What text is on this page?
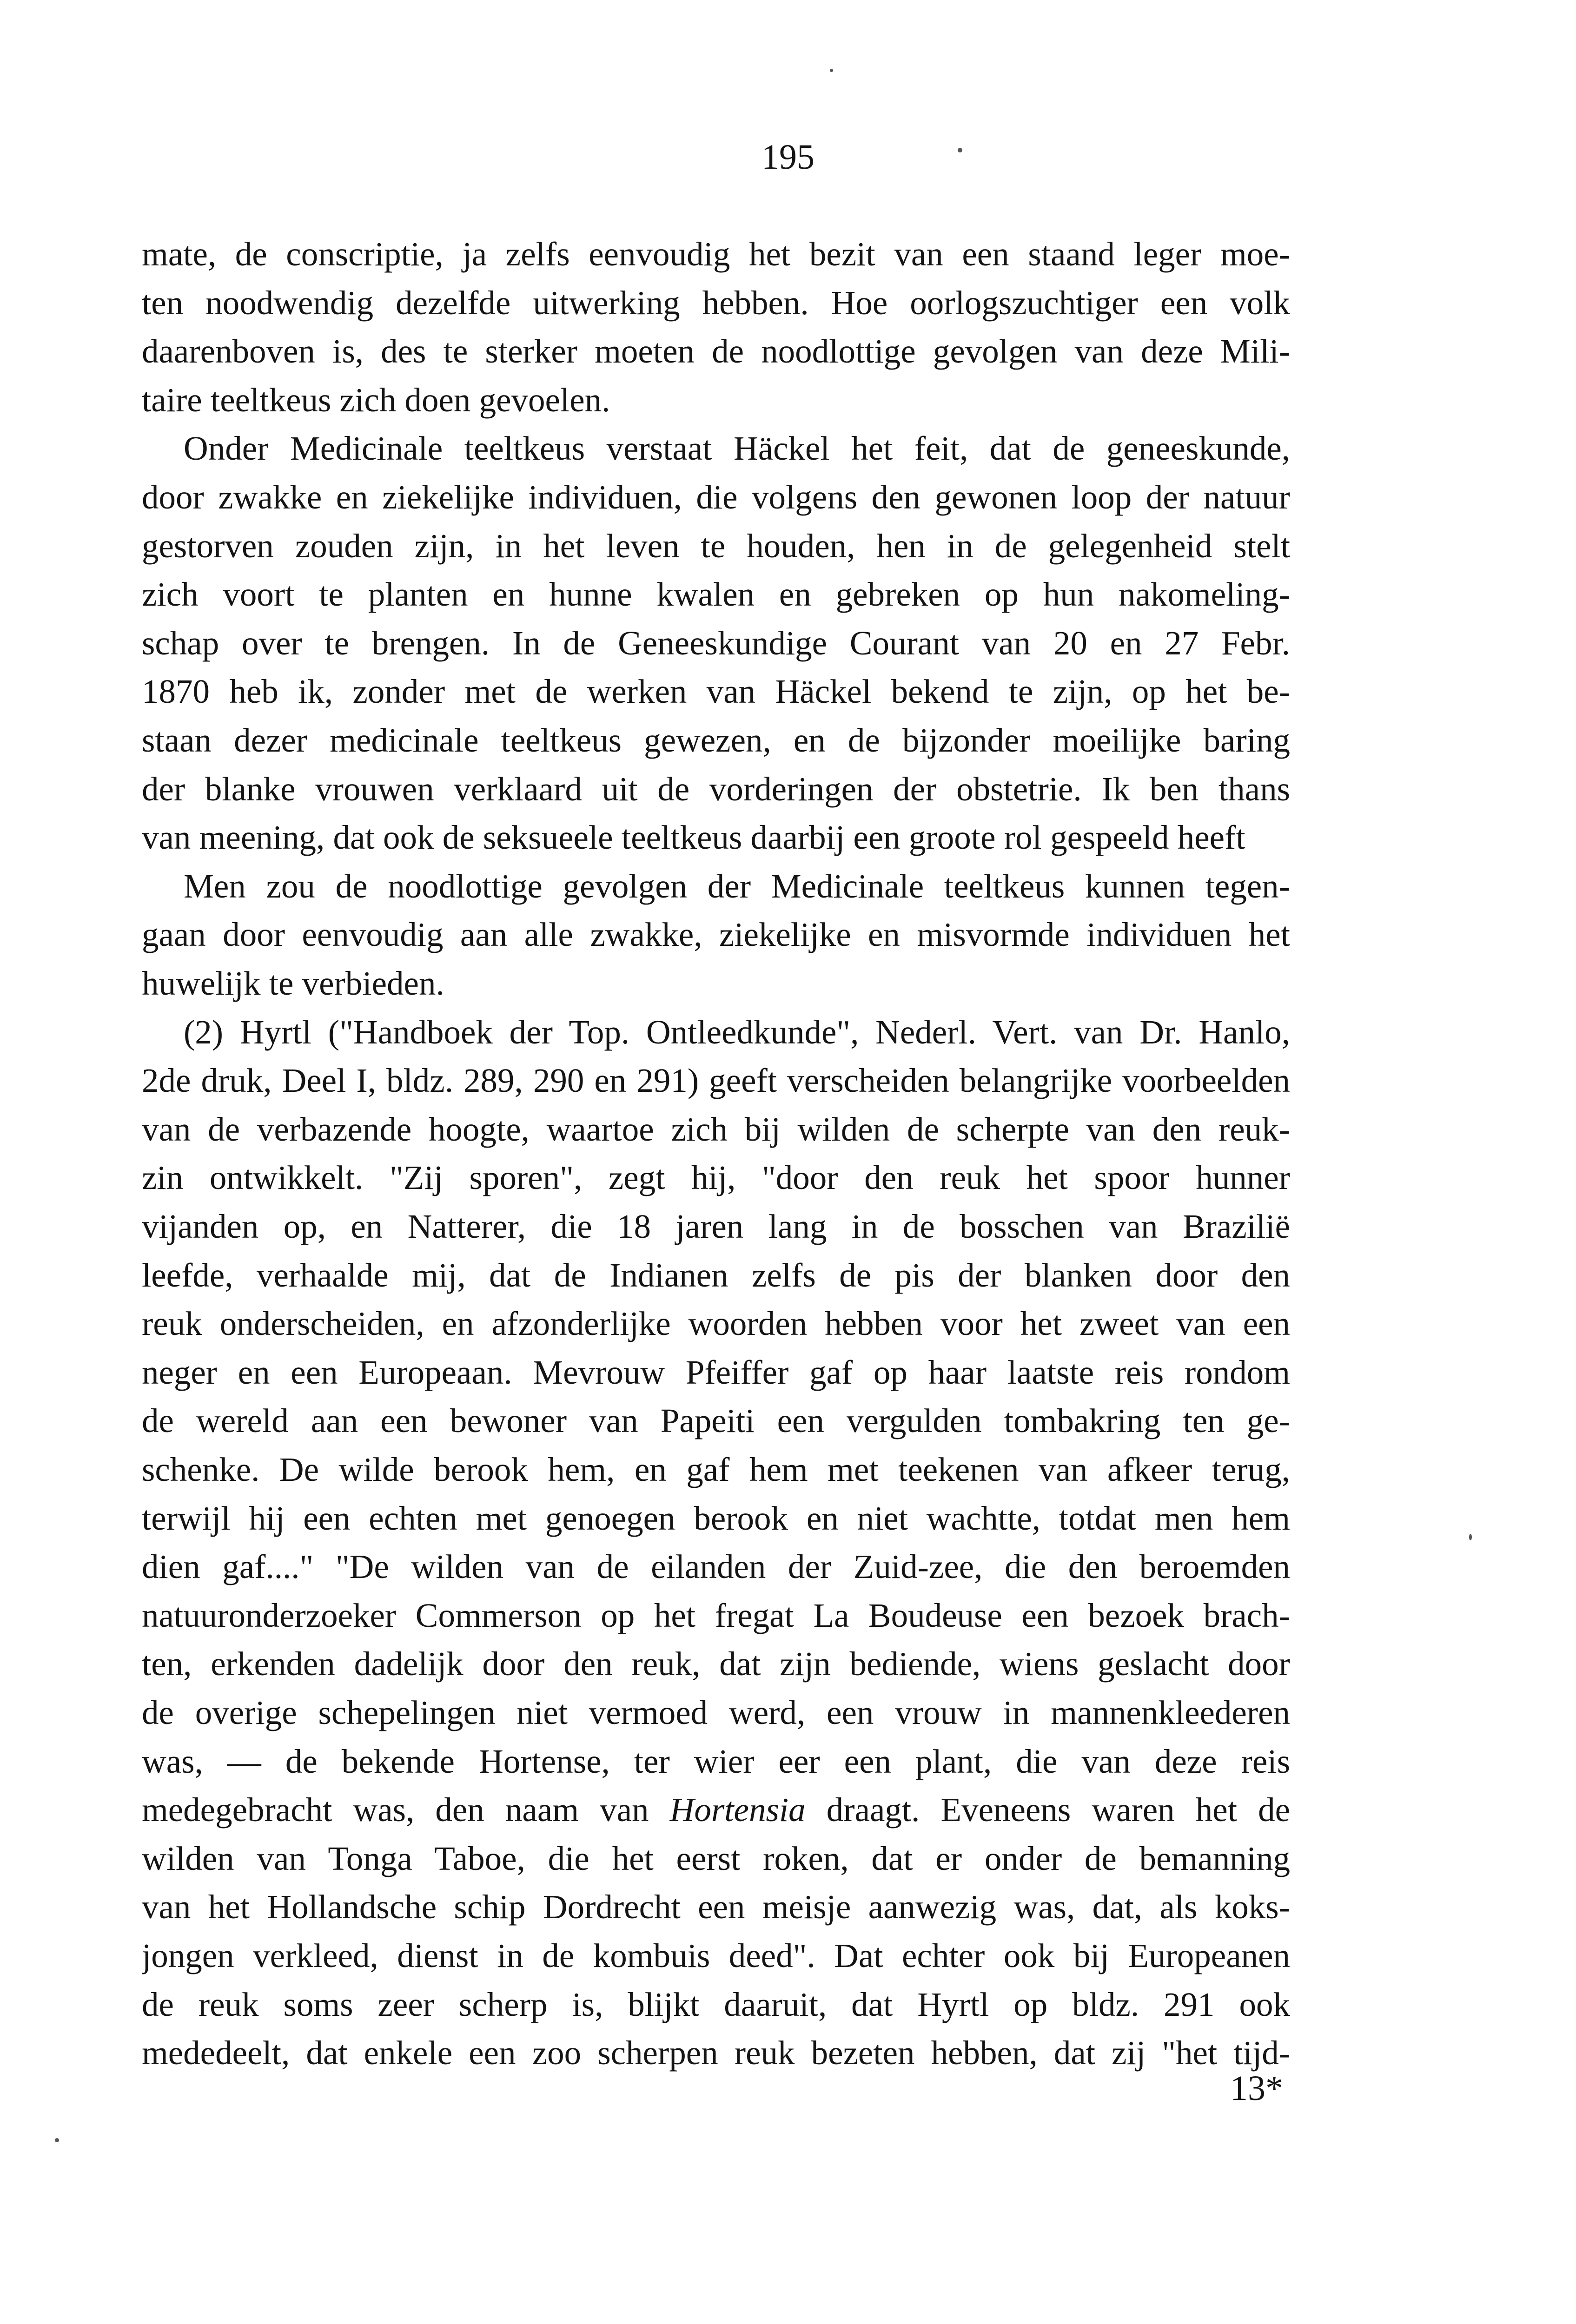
195
mate, de conscriptie, ja zelfs eenvoudig het bezit van een staand leger moe-
ten noodwendig dezelfde uitwerking hebben. Hoe oorlogszuchtiger een volk
daarenboven is, des te sterker moeten de noodlottige gevolgen van deze Mili-
taire teeltkeus zich doen gevoelen.
Onder Medicinale teeltkeus verstaat Häckel het feit, dat de geneeskunde,
door zwakke en ziekelijke individuen, die volgens den gewonen loop der natuur
gestorven zouden zijn, in het leven te houden, hen in de gelegenheid stelt
zich voort te planten en hunne kwalen en gebreken op hun nakomeling-
schap over te brengen. In de Geneeskundige Courant van 20 en 27 Febr.
1870 heb ik, zonder met de werken van Häckel bekend te zijn, op het be-
staan dezer medicinale teeltkeus gewezen, en de bijzonder moeilijke baring
der blanke vrouwen verklaard uit de vorderingen der obstetrie. Ik ben thans
van meening, dat ook de seksueele teeltkeus daarbij een groote rol gespeeld heeft
Men zou de noodlottige gevolgen der Medicinale teeltkeus kunnen tegen-
gaan door eenvoudig aan alle zwakke, ziekelijke en misvormde individuen het
huwelijk te verbieden.
(2) Hyrtl ("Handboek der Top. Ontleedkunde", Nederl. Vert. van Dr. Hanlo,
2de druk, Deel I, bldz. 289, 290 en 291) geeft verscheiden belangrijke voorbeelden
van de verbazende hoogte, waartoe zich bij wilden de scherpte van den reuk-
zin ontwikkelt. "Zij sporen", zegt hij, "door den reuk het spoor hunner
vijanden op, en Natterer, die 18 jaren lang in de bosschen van Brazilië
leefde, verhaalde mij, dat de Indianen zelfs de pis der blanken door den
reuk onderscheiden, en afzonderlijke woorden hebben voor het zweet van een
neger en een Europeaan. Mevrouw Pfeiffer gaf op haar laatste reis rondom
de wereld aan een bewoner van Papeiti een vergulden tombakring ten ge-
schenke. De wilde berook hem, en gaf hem met teekenen van afkeer terug,
terwijl hij een echten met genoegen berook en niet wachtte, totdat men hem
dien gaf...." "De wilden van de eilanden der Zuid-zee, die den beroemden
natuuronderzoeker Commerson op het fregat La Boudeuse een bezoek brach-
ten, erkenden dadelijk door den reuk, dat zijn bediende, wiens geslacht door
de overige schepelingen niet vermoed werd, een vrouw in mannenkleederen
was, — de bekende Hortense, ter wier eer een plant, die van deze reis
medegebracht was, den naam van Hortensia draagt. Eveneens waren het de
wilden van Tonga Taboe, die het eerst roken, dat er onder de bemanning
van het Hollandsche schip Dordrecht een meisje aanwezig was, dat, als koks-
jongen verkleed, dienst in de kombuis deed". Dat echter ook bij Europeanen
de reuk soms zeer scherp is, blijkt daaruit, dat Hyrtl op bldz. 291 ook
mededeelt, dat enkele een zoo scherpen reuk bezeten hebben, dat zij "het tijd-
13*
